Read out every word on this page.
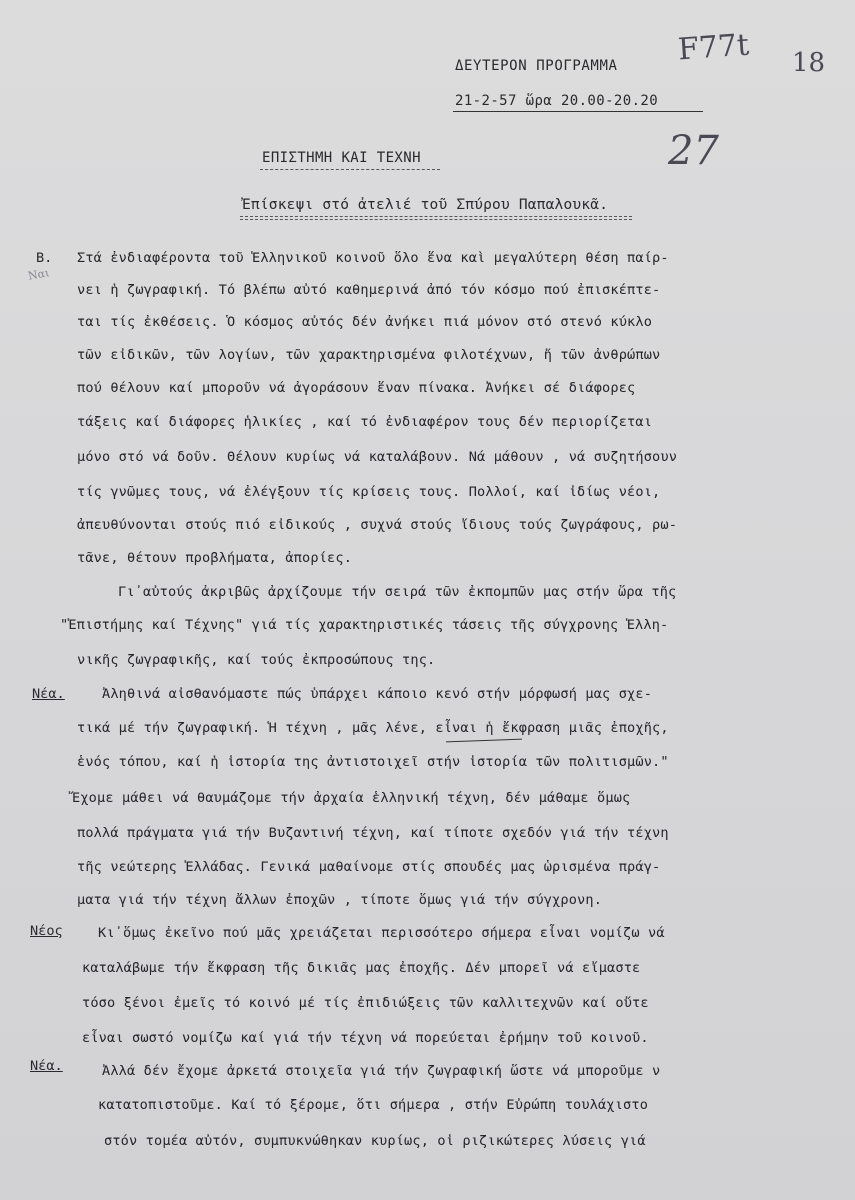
ΔΕΥΤΕΡΟΝ ΠΡΟΓΡΑΜΜΑ
21-2-57 ὥρα 20.00-20.20
F77t 18
27
Ναι
ΕΠΙΣΤΗΜΗ ΚΑΙ ΤΕΧΝΗ
Ἐπίσκεψι στό ἀτελιέ τοῦ Σπύρου Παπαλουκᾶ.
Β. Στά ἐνδιαφέροντα τοῦ Ἑλληνικοῦ κοινοῦ ὅλο ἕνα καὶ μεγαλύτερη θέση παίρ-
νει ἡ ζωγραφική. Τό βλέπω αὐτό καθημερινά ἀπό τόν κόσμο πού ἐπισκέπτε-
ται τίς ἐκθέσεις. Ὁ κόσμος αὐτός δέν ἀνήκει πιά μόνον στό στενό κύκλο
τῶν εἰδικῶν, τῶν λογίων, τῶν χαρακτηρισμένα φιλοτέχνων, ἤ τῶν ἀνθρώπων
πού θέλουν καί μποροῦν νά ἀγοράσουν ἕναν πίνακα. Ἀνήκει σέ διάφορες
τάξεις καί διάφορες ἡλικίες , καί τό ἐνδιαφέρον τους δέν περιορίζεται
μόνο στό νά δοῦν. Θέλουν κυρίως νά καταλάβουν. Νά μάθουν , νά συζητήσουν
τίς γνῶμες τους, νά ἐλέγξουν τίς κρίσεις τους. Πολλοί, καί ἰδίως νέοι,
ἀπευθύνονται στούς πιό εἰδικούς , συχνά στούς ἴδιους τούς ζωγράφους, ρω-
τᾶνε, θέτουν προβλήματα, ἀπορίες.
Γι᾽αὐτούς ἀκριβῶς ἀρχίζουμε τήν σειρά τῶν ἐκπομπῶν μας στήν ὥρα τῆς
"Ἐπιστήμης καί Τέχνης" γιά τίς χαρακτηριστικές τάσεις τῆς σύγχρονης Ἑλλη-
νικῆς ζωγραφικῆς, καί τούς ἐκπροσώπους της.
Νέα.	Ἀληθινά αἰσθανόμαστε πώς ὑπάρχει κάποιο κενό στήν μόρφωσή μας σχε-
τικά μέ τήν ζωγραφική. Ἡ τέχνη , μᾶς λένε, εἶναι ἡ ἔκφραση μιᾶς ἐποχῆς,
ἑνός τόπου, καί ἡ ἱστορία της ἀντιστοιχεῖ στήν ἱστορία τῶν πολιτισμῶν."
Ἔχομε μάθει νά θαυμάζομε τήν ἀρχαία ἑλληνική τέχνη, δέν μάθαμε ὅμως
πολλά πράγματα γιά τήν Βυζαντινή τέχνη, καί τίποτε σχεδόν γιά τήν τέχνη
τῆς νεώτερης Ἑλλάδας. Γενικά μαθαίνομε στίς σπουδές μας ὡρισμένα πράγ-
ματα γιά τήν τέχνη ἄλλων ἐποχῶν , τίποτε ὅμως γιά τήν σύγχρονη.
Νέος	Κι᾽ὅμως ἐκεῖνο πού μᾶς χρειάζεται περισσότερο σήμερα εἶναι νομίζω νά
καταλάβωμε τήν ἔκφραση τῆς δικιᾶς μας ἐποχῆς. Δέν μπορεῖ νά εἴμαστε
τόσο ξένοι ἐμεῖς τό κοινό μέ τίς ἐπιδιώξεις τῶν καλλιτεχνῶν καί οὔτε
εἶναι σωστό νομίζω καί γιά τήν τέχνη νά πορεύεται ἐρήμην τοῦ κοινοῦ.
Νέα.	Ἀλλά δέν ἔχομε ἀρκετά στοιχεῖα γιά τήν ζωγραφική ὥστε νά μποροῦμε ν
κατατοπιστοῦμε. Καί τό ξέρομε, ὅτι σήμερα , στήν Εὐρώπη τουλάχιστο
στόν τομέα αὐτόν, συμπυκνώθηκαν κυρίως, οἱ ριζικώτερες λύσεις γιά
